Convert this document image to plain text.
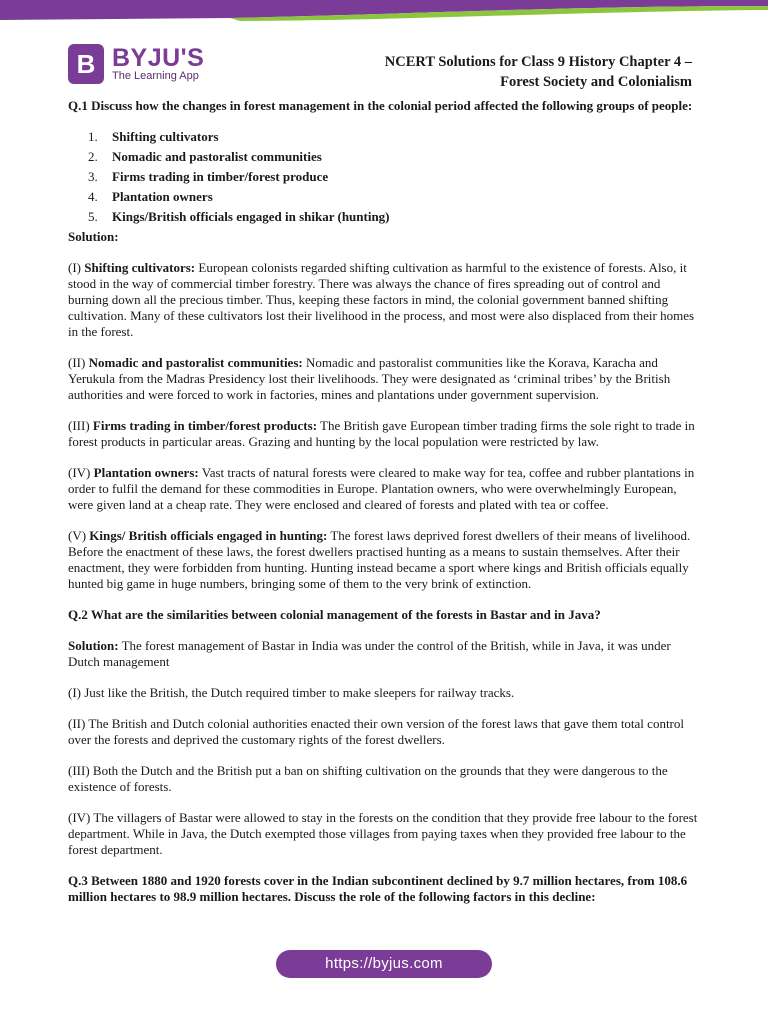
B BYJU'S
The Learning App
NCERT Solutions for Class 9 History Chapter 4 –
Forest Society and Colonialism

Q.1 Discuss how the changes in forest management in the colonial period affected the following groups of people:

1. Shifting cultivators
2. Nomadic and pastoralist communities
3. Firms trading in timber/forest produce
4. Plantation owners
5. Kings/British officials engaged in shikar (hunting)
Solution:

(I) Shifting cultivators: European colonists regarded shifting cultivation as harmful to the existence of forests. Also, it stood in the way of commercial timber forestry. There was always the chance of fires spreading out of control and burning down all the precious timber. Thus, keeping these factors in mind, the colonial government banned shifting cultivation. Many of these cultivators lost their livelihood in the process, and most were also displaced from their homes in the forest.

(II) Nomadic and pastoralist communities: Nomadic and pastoralist communities like the Korava, Karacha and Yerukula from the Madras Presidency lost their livelihoods. They were designated as ‘criminal tribes’ by the British authorities and were forced to work in factories, mines and plantations under government supervision.

(III) Firms trading in timber/forest products: The British gave European timber trading firms the sole right to trade in forest products in particular areas. Grazing and hunting by the local population were restricted by law.

(IV) Plantation owners: Vast tracts of natural forests were cleared to make way for tea, coffee and rubber plantations in order to fulfil the demand for these commodities in Europe. Plantation owners, who were overwhelmingly European, were given land at a cheap rate. They were enclosed and cleared of forests and plated with tea or coffee.

(V) Kings/ British officials engaged in hunting: The forest laws deprived forest dwellers of their means of livelihood. Before the enactment of these laws, the forest dwellers practised hunting as a means to sustain themselves. After their enactment, they were forbidden from hunting. Hunting instead became a sport where kings and British officials equally hunted big game in huge numbers, bringing some of them to the very brink of extinction.

Q.2 What are the similarities between colonial management of the forests in Bastar and in Java?

Solution: The forest management of Bastar in India was under the control of the British, while in Java, it was under Dutch management

(I) Just like the British, the Dutch required timber to make sleepers for railway tracks.

(II) The British and Dutch colonial authorities enacted their own version of the forest laws that gave them total control over the forests and deprived the customary rights of the forest dwellers.

(III) Both the Dutch and the British put a ban on shifting cultivation on the grounds that they were dangerous to the existence of forests.

(IV) The villagers of Bastar were allowed to stay in the forests on the condition that they provide free labour to the forest department. While in Java, the Dutch exempted those villages from paying taxes when they provided free labour to the forest department.

Q.3 Between 1880 and 1920 forests cover in the Indian subcontinent declined by 9.7 million hectares, from 108.6 million hectares to 98.9 million hectares. Discuss the role of the following factors in this decline:

https://byjus.com
